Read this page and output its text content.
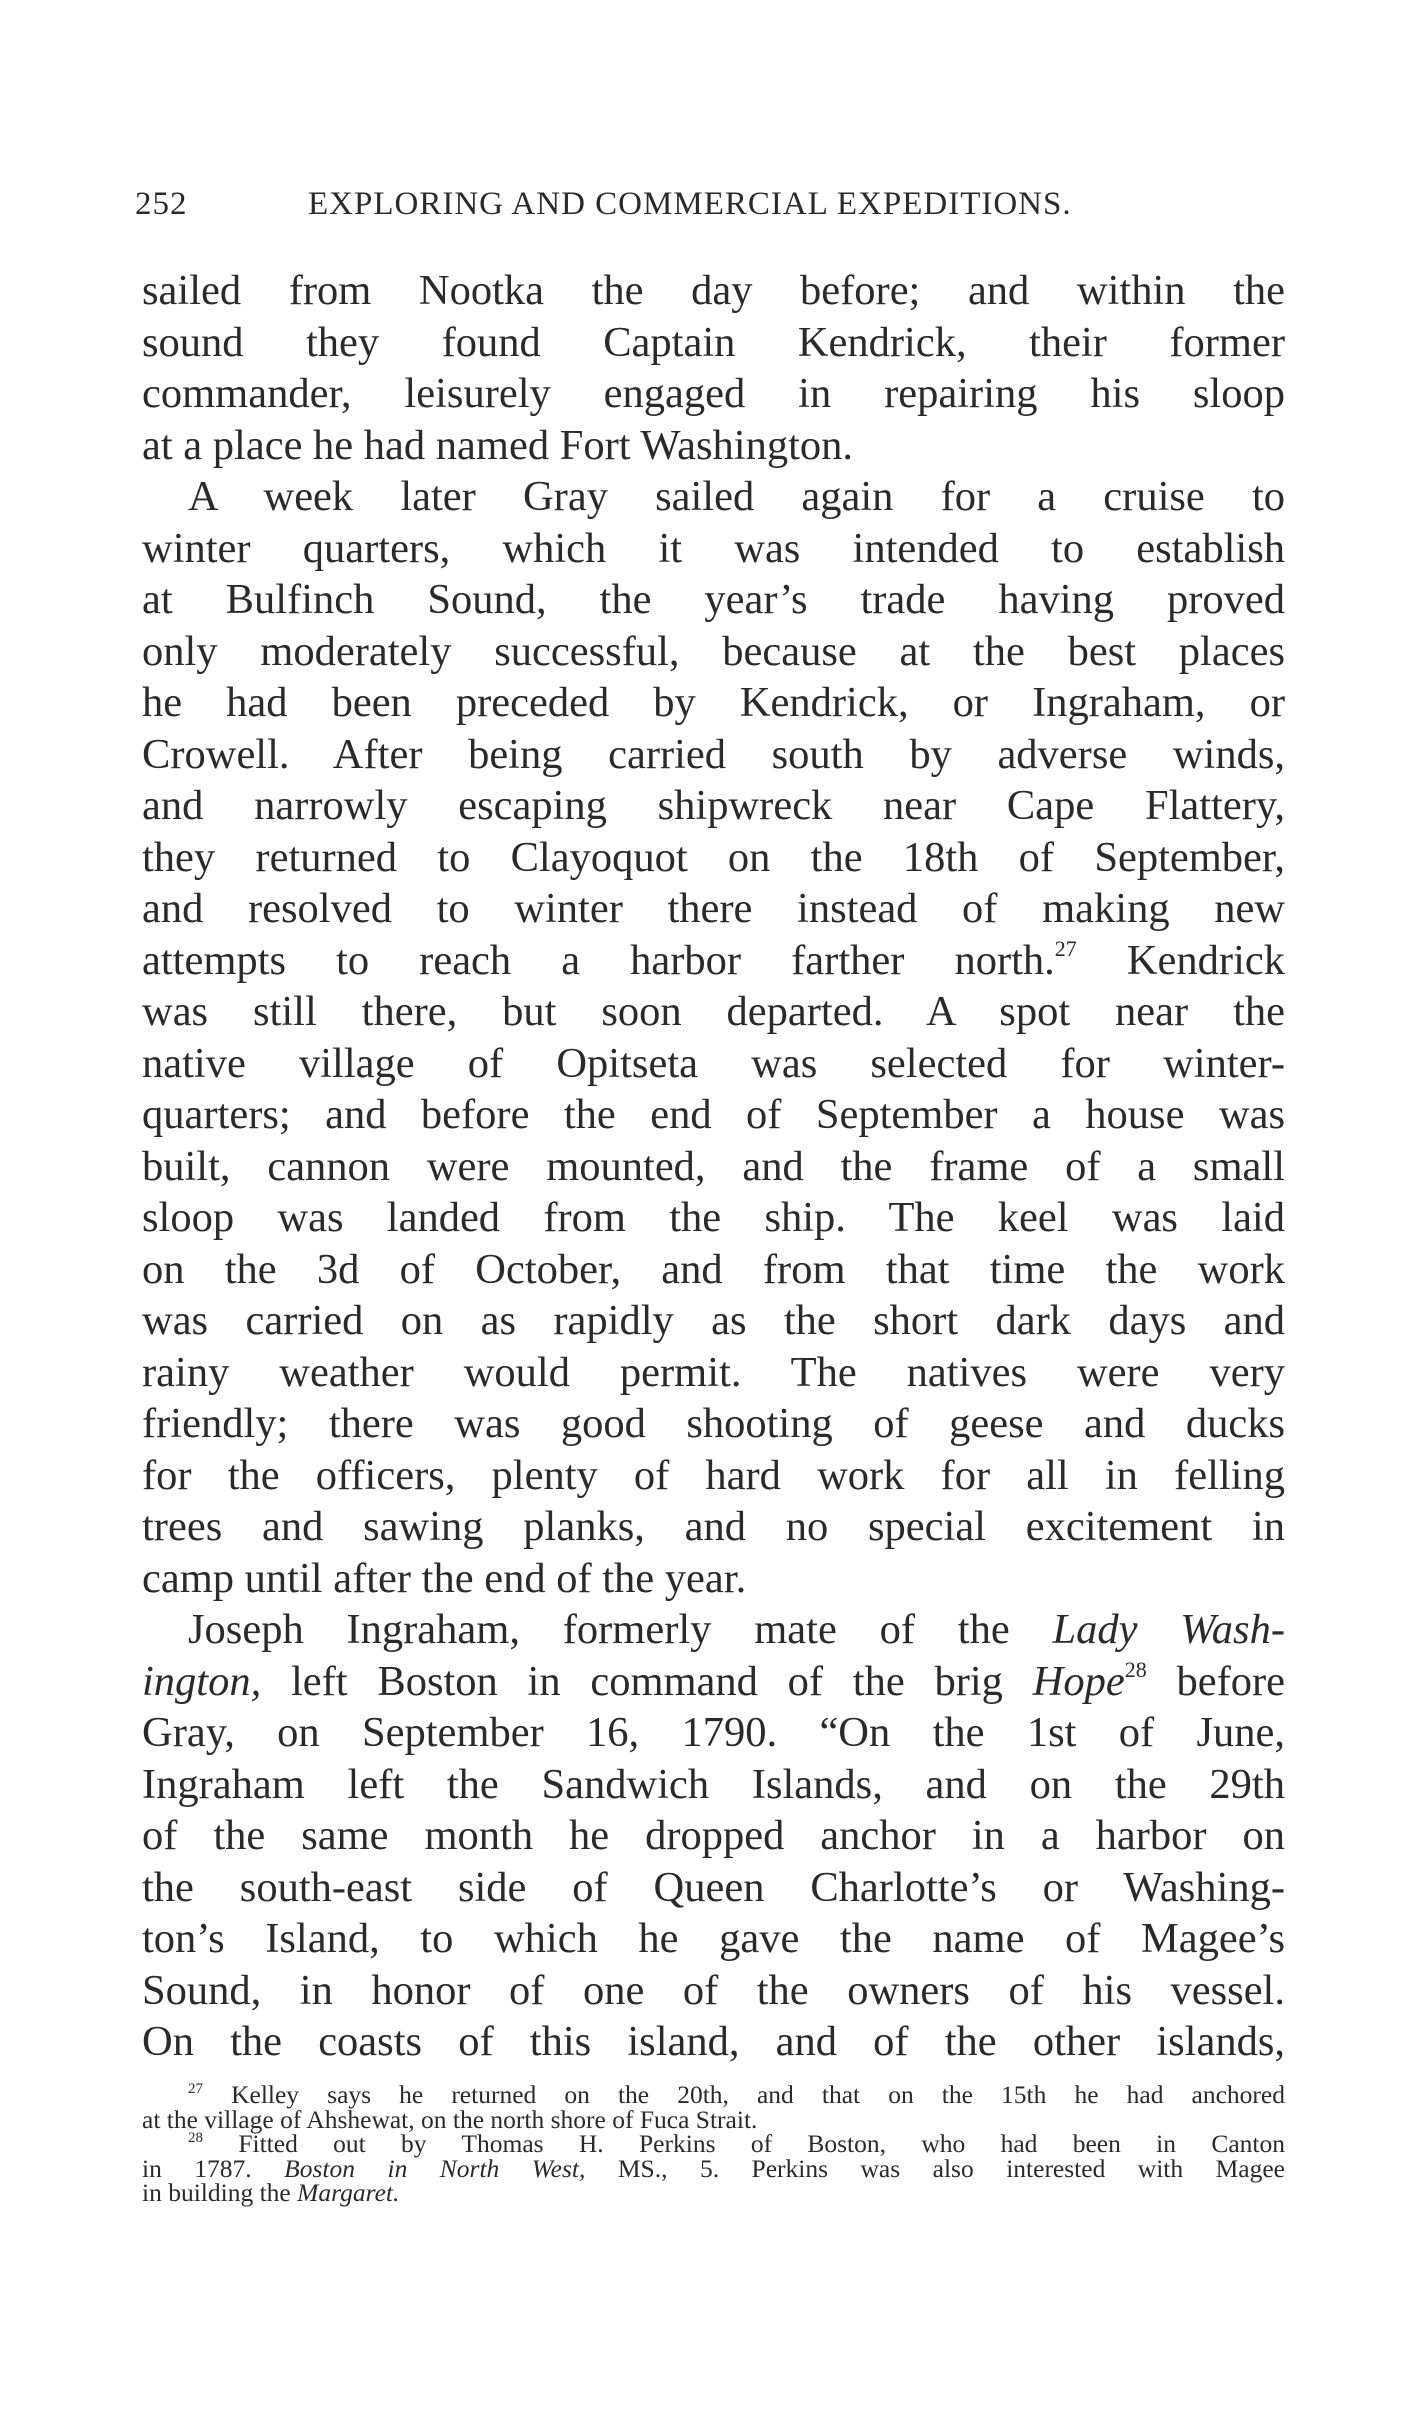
252	EXPLORING AND COMMERCIAL EXPEDITIONS.
sailed from Nootka the day before; and within the
sound they found Captain Kendrick, their former
commander, leisurely engaged in repairing his sloop
at a place he had named Fort Washington.
A week later Gray sailed again for a cruise to
winter quarters, which it was intended to establish
at Bulfinch Sound, the year’s trade having proved
only moderately successful, because at the best places
he had been preceded by Kendrick, or Ingraham, or
Crowell. After being carried south by adverse winds,
and narrowly escaping shipwreck near Cape Flattery,
they returned to Clayoquot on the 18th of September,
and resolved to winter there instead of making new
attempts to reach a harbor farther north.$^{27}$ Kendrick
was still there, but soon departed. A spot near the
native village of Opitseta was selected for winter-
quarters; and before the end of September a house was
built, cannon were mounted, and the frame of a small
sloop was landed from the ship. The keel was laid
on the 3d of October, and from that time the work
was carried on as rapidly as the short dark days and
rainy weather would permit. The natives were very
friendly; there was good shooting of geese and ducks
for the officers, plenty of hard work for all in felling
trees and sawing planks, and no special excitement in
camp until after the end of the year.
Joseph Ingraham, formerly mate of the Lady Wash-
ington, left Boston in command of the brig Hope$^{28}$ before
Gray, on September 16, 1790. “On the 1st of June,
Ingraham left the Sandwich Islands, and on the 29th
of the same month he dropped anchor in a harbor on
the south-east side of Queen Charlotte’s or Washing-
ton’s Island, to which he gave the name of Magee’s
Sound, in honor of one of the owners of his vessel.
On the coasts of this island, and of the other islands,
$^{27}$ Kelley says he returned on the 20th, and that on the 15th he had anchored
at the village of Ahshewat, on the north shore of Fuca Strait.
$^{28}$ Fitted out by Thomas H. Perkins of Boston, who had been in Canton
in 1787. Boston in North West, MS., 5. Perkins was also interested with Magee
in building the Margaret.
